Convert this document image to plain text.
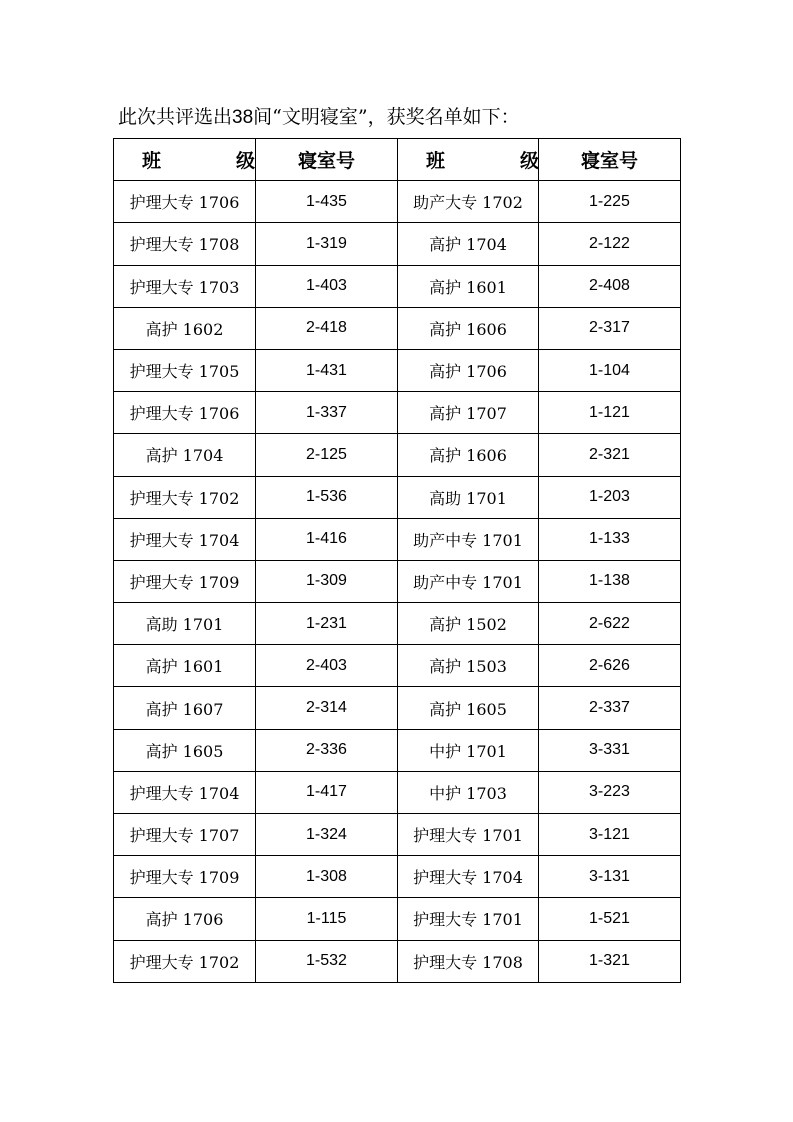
此次共评选出38间“文明寝室”，获奖名单如下：
班　级	寝室号	班　级	寝室号
护理大专 1706	1-435	助产大专 1702	1-225
护理大专 1708	1-319	高护 1704	2-122
护理大专 1703	1-403	高护 1601	2-408
高护 1602	2-418	高护 1606	2-317
护理大专 1705	1-431	高护 1706	1-104
护理大专 1706	1-337	高护 1707	1-121
高护 1704	2-125	高护 1606	2-321
护理大专 1702	1-536	高助 1701	1-203
护理大专 1704	1-416	助产中专 1701	1-133
护理大专 1709	1-309	助产中专 1701	1-138
高助 1701	1-231	高护 1502	2-622
高护 1601	2-403	高护 1503	2-626
高护 1607	2-314	高护 1605	2-337
高护 1605	2-336	中护 1701	3-331
护理大专 1704	1-417	中护 1703	3-223
护理大专 1707	1-324	护理大专 1701	3-121
护理大专 1709	1-308	护理大专 1704	3-131
高护 1706	1-115	护理大专 1701	1-521
护理大专 1702	1-532	护理大专 1708	1-321
